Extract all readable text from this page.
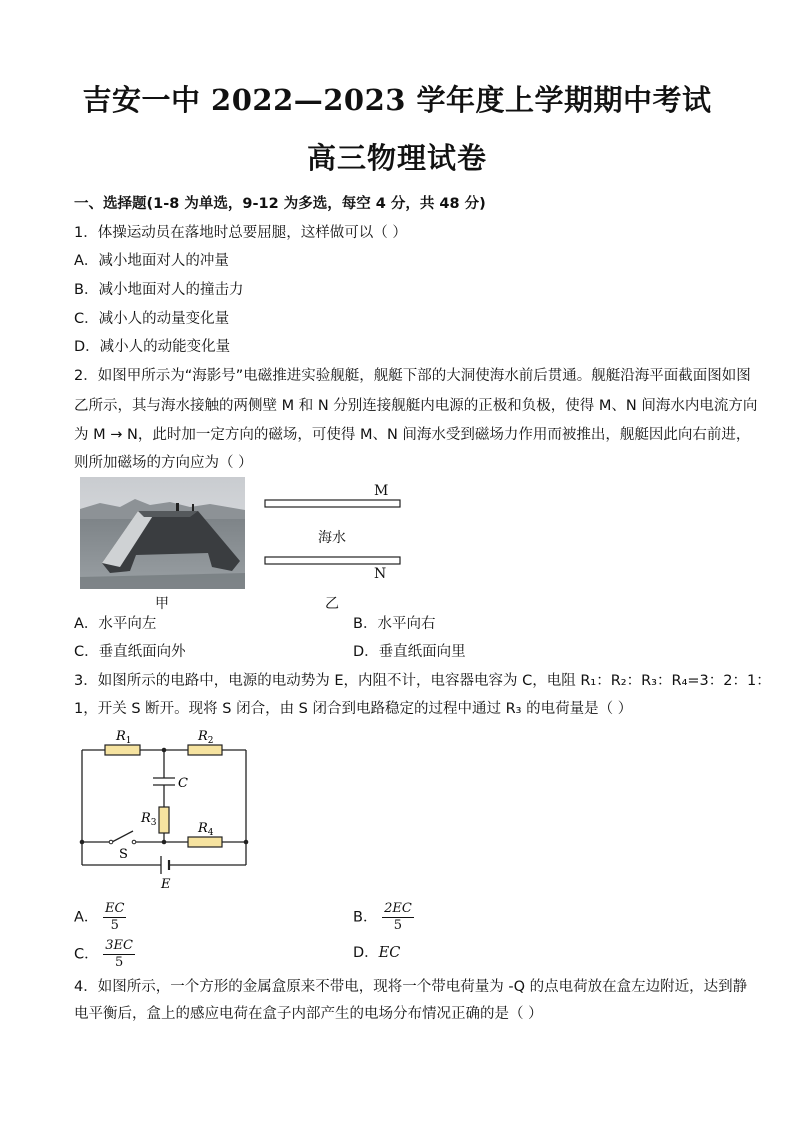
吉安一中 2022—2023 学年度上学期期中考试
高三物理试卷
一、选择题(1-8 为单选，9-12 为多选，每空 4 分，共 48 分)
1．体操运动员在落地时总要屈腿，这样做可以（ ）
A．减小地面对人的冲量
B．减小地面对人的撞击力
C．减小人的动量变化量
D．减小人的动能变化量
2．如图甲所示为“海影号”电磁推进实验舰艇，舰艇下部的大洞使海水前后贯通。舰艇沿海平面截面图如图
乙所示，其与海水接触的两侧壁 M 和 N 分别连接舰艇内电源的正极和负极，使得 M、N 间海水内电流方向
为 M → N，此时加一定方向的磁场，可使得 M、N 间海水受到磁场力作用而被推出，舰艇因此向右前进，
则所加磁场的方向应为（ ）
甲
M
海水
N
乙
A．水平向左	B．水平向右
C．垂直纸面向外	D．垂直纸面向里
3．如图所示的电路中，电源的电动势为 E，内阻不计，电容器电容为 C，电阻 R₁：R₂：R₃：R₄=3：2：1：
1，开关 S 断开。现将 S 闭合，由 S 闭合到电路稳定的过程中通过 R₃ 的电荷量是（ ）
$R_1$	$R_2$
C
$R_3$	$R_4$
S
E
A． $\frac{EC}{5}$	B． $\frac{2EC}{5}$
C． $\frac{3EC}{5}$	D．EC
4．如图所示，一个方形的金属盒原来不带电，现将一个带电荷量为 -Q 的点电荷放在盒左边附近，达到静
电平衡后，盒上的感应电荷在盒子内部产生的电场分布情况正确的是（ ）
